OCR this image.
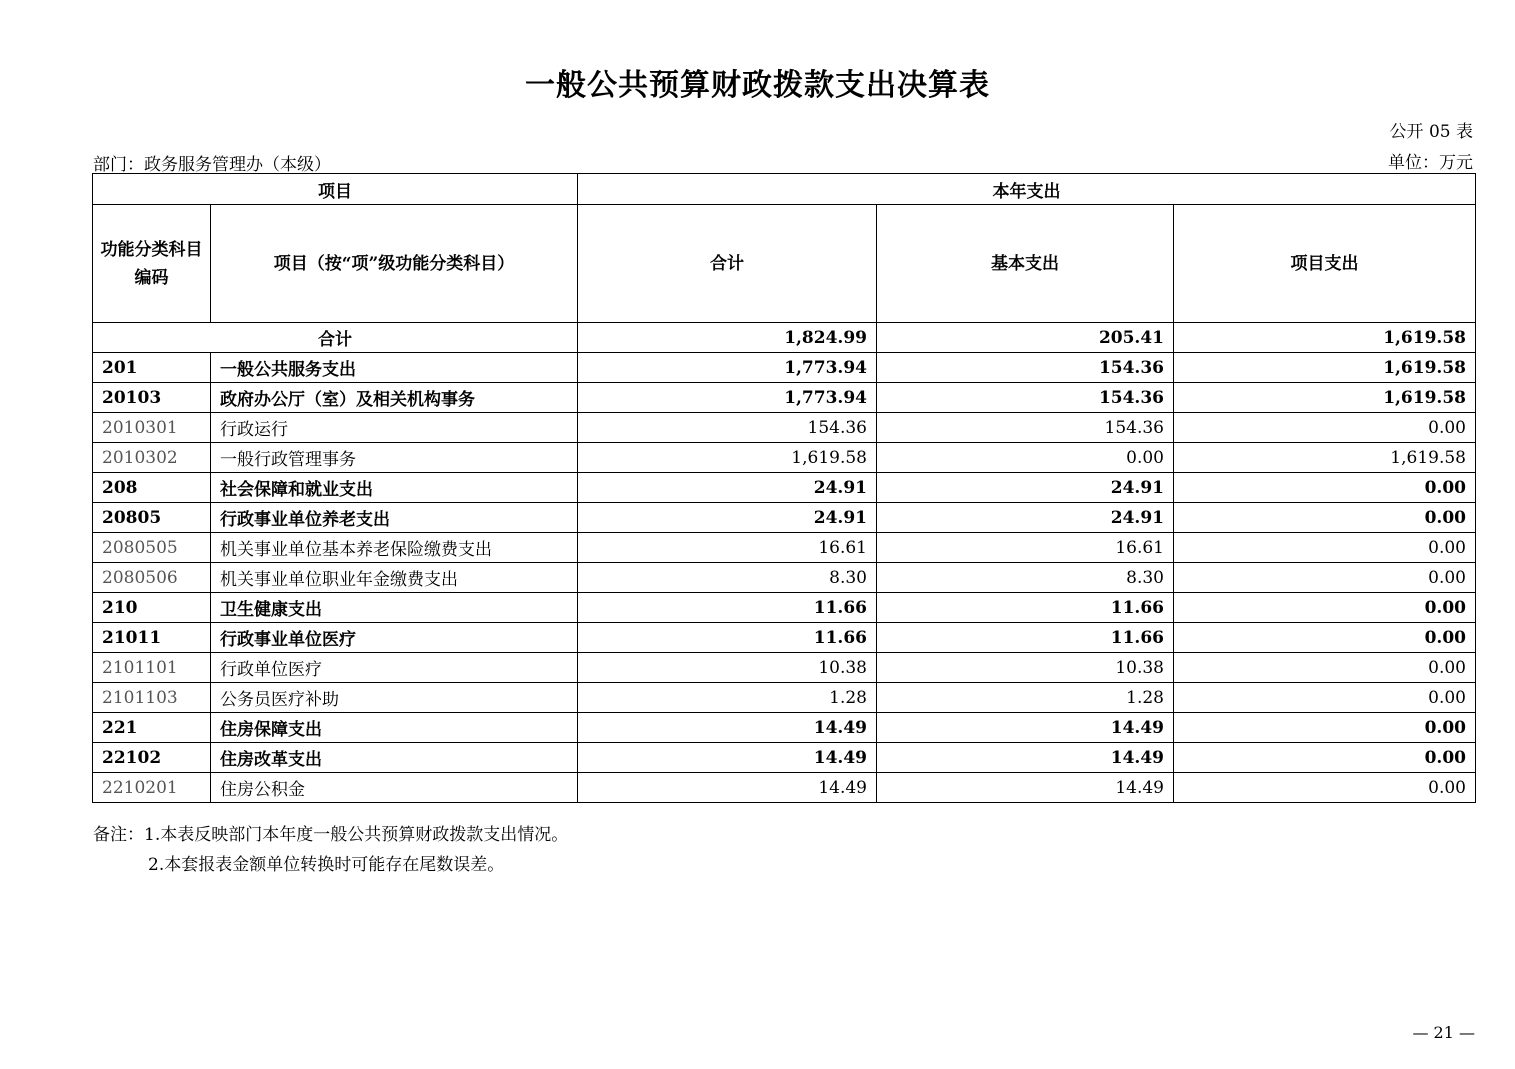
一般公共预算财政拨款支出决算表
公开 05 表
部门：政务服务管理办（本级）	单位：万元
项目		本年支出		
功能分类科目编码	项目（按“项”级功能分类科目）	合计	基本支出	项目支出
合计		1,824.99	205.41	1,619.58
201	一般公共服务支出	1,773.94	154.36	1,619.58
20103	政府办公厅（室）及相关机构事务	1,773.94	154.36	1,619.58
2010301	行政运行	154.36	154.36	0.00
2010302	一般行政管理事务	1,619.58	0.00	1,619.58
208	社会保障和就业支出	24.91	24.91	0.00
20805	行政事业单位养老支出	24.91	24.91	0.00
2080505	机关事业单位基本养老保险缴费支出	16.61	16.61	0.00
2080506	机关事业单位职业年金缴费支出	8.30	8.30	0.00
210	卫生健康支出	11.66	11.66	0.00
21011	行政事业单位医疗	11.66	11.66	0.00
2101101	行政单位医疗	10.38	10.38	0.00
2101103	公务员医疗补助	1.28	1.28	0.00
221	住房保障支出	14.49	14.49	0.00
22102	住房改革支出	14.49	14.49	0.00
2210201	住房公积金	14.49	14.49	0.00
备注：1.本表反映部门本年度一般公共预算财政拨款支出情况。
2.本套报表金额单位转换时可能存在尾数误差。
— 21 —
